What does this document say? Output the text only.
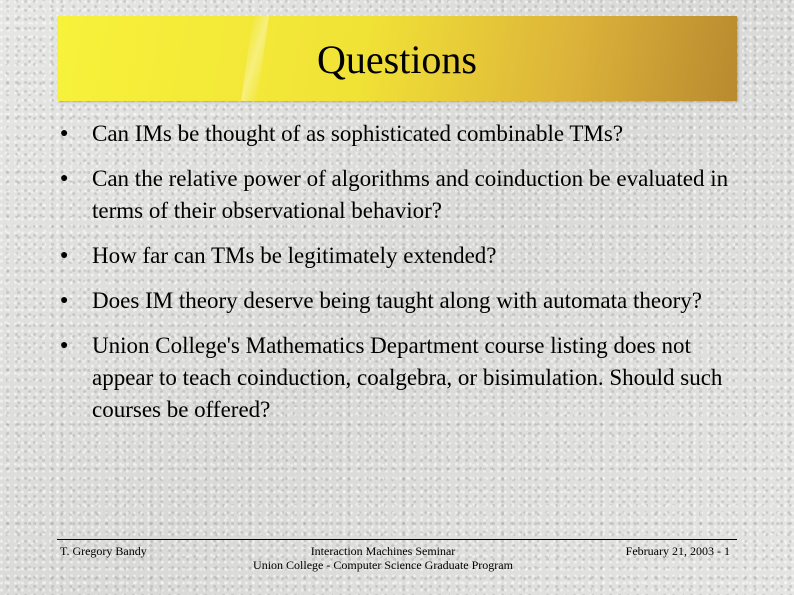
Questions
● Can IMs be thought of as sophisticated combinable TMs?
● Can the relative power of algorithms and coinduction be evaluated in terms of their observational behavior?
● How far can TMs be legitimately extended?
● Does IM theory deserve being taught along with automata theory?
● Union College's Mathematics Department course listing does not appear to teach coinduction, coalgebra, or bisimulation. Should such courses be offered?
T. Gregory Bandy	Interaction Machines Seminar
Union College - Computer Science Graduate Program
February 21, 2003 - 1
